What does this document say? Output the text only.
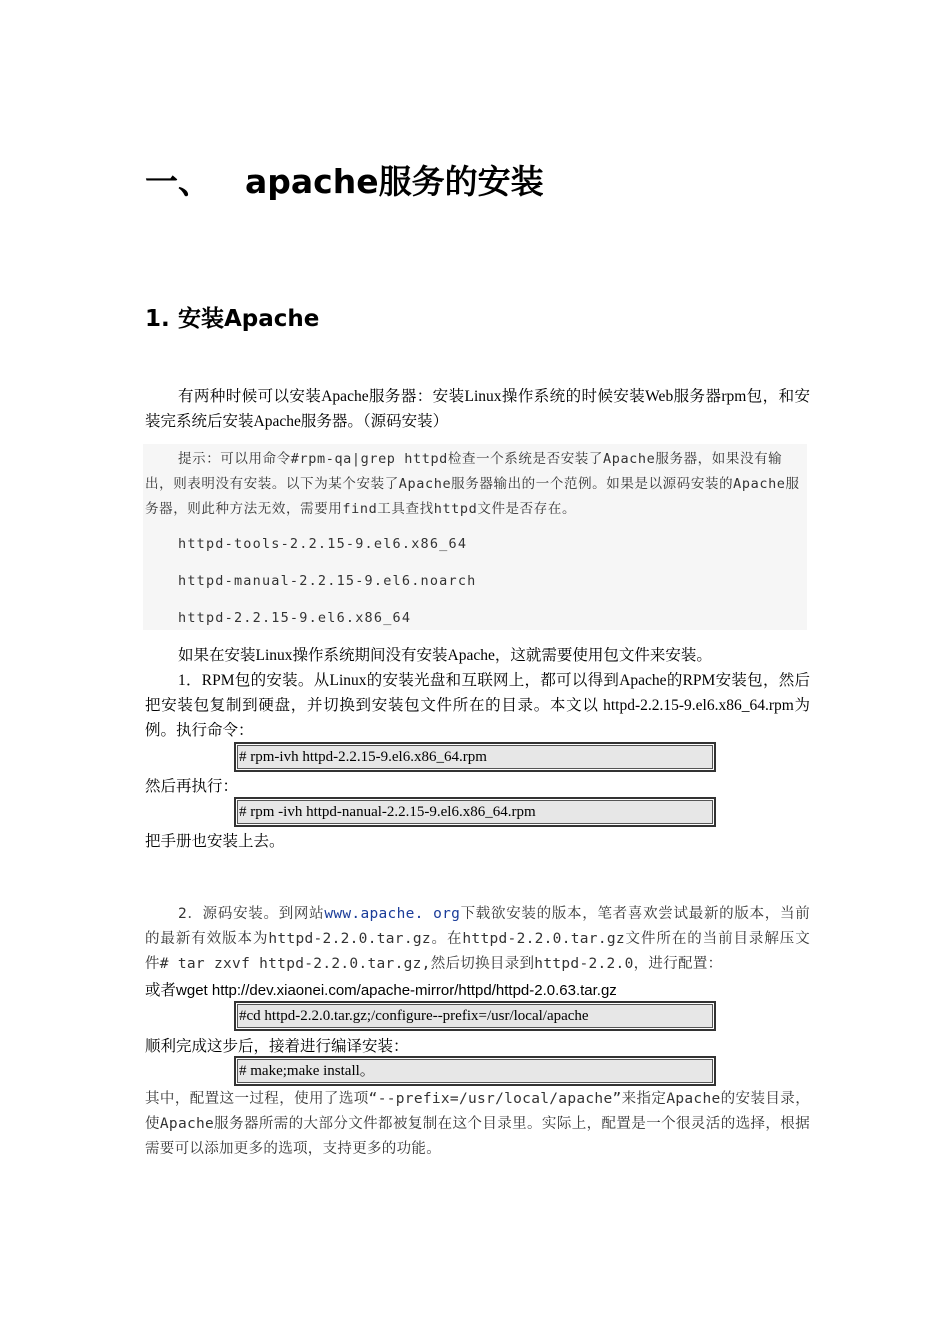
一、 apache服务的安装
1. 安装Apache
有两种时候可以安装Apache服务器：安装Linux操作系统的时候安装Web服务器rpm包，和安装完系统后安装Apache服务器。（源码安装）
提示：可以用命令#rpm-qa|grep httpd检查一个系统是否安装了Apache服务器，如果没有输出，则表明没有安装。以下为某个安装了Apache服务器输出的一个范例。如果是以源码安装的Apache服务器，则此种方法无效，需要用find工具查找httpd文件是否存在。
httpd-tools-2.2.15-9.el6.x86_64
httpd-manual-2.2.15-9.el6.noarch
httpd-2.2.15-9.el6.x86_64
如果在安装Linux操作系统期间没有安装Apache，这就需要使用包文件来安装。
1．RPM包的安装。从Linux的安装光盘和互联网上，都可以得到Apache的RPM安装包，然后把安装包复制到硬盘，并切换到安装包文件所在的目录。本文以 httpd-2.2.15-9.el6.x86_64.rpm为例。执行命令：
# rpm-ivh httpd-2.2.15-9.el6.x86_64.rpm
然后再执行：
# rpm -ivh httpd-nanual-2.2.15-9.el6.x86_64.rpm
把手册也安装上去。
2．源码安装。到网站www.apache. org下载欲安装的版本，笔者喜欢尝试最新的版本，当前的最新有效版本为httpd-2.2.0.tar.gz。在httpd-2.2.0.tar.gz文件所在的当前目录解压文件# tar zxvf httpd-2.2.0.tar.gz,然后切换目录到httpd-2.2.0，进行配置：
或者wget http://dev.xiaonei.com/apache-mirror/httpd/httpd-2.0.63.tar.gz
#cd httpd-2.2.0.tar.gz;/configure--prefix=/usr/local/apache
顺利完成这步后，接着进行编译安装：
# make;make install。
其中，配置这一过程，使用了选项“--prefix=/usr/local/apache”来指定Apache的安装目录，使Apache服务器所需的大部分文件都被复制在这个目录里。实际上，配置是一个很灵活的选择，根据需要可以添加更多的选项，支持更多的功能。
